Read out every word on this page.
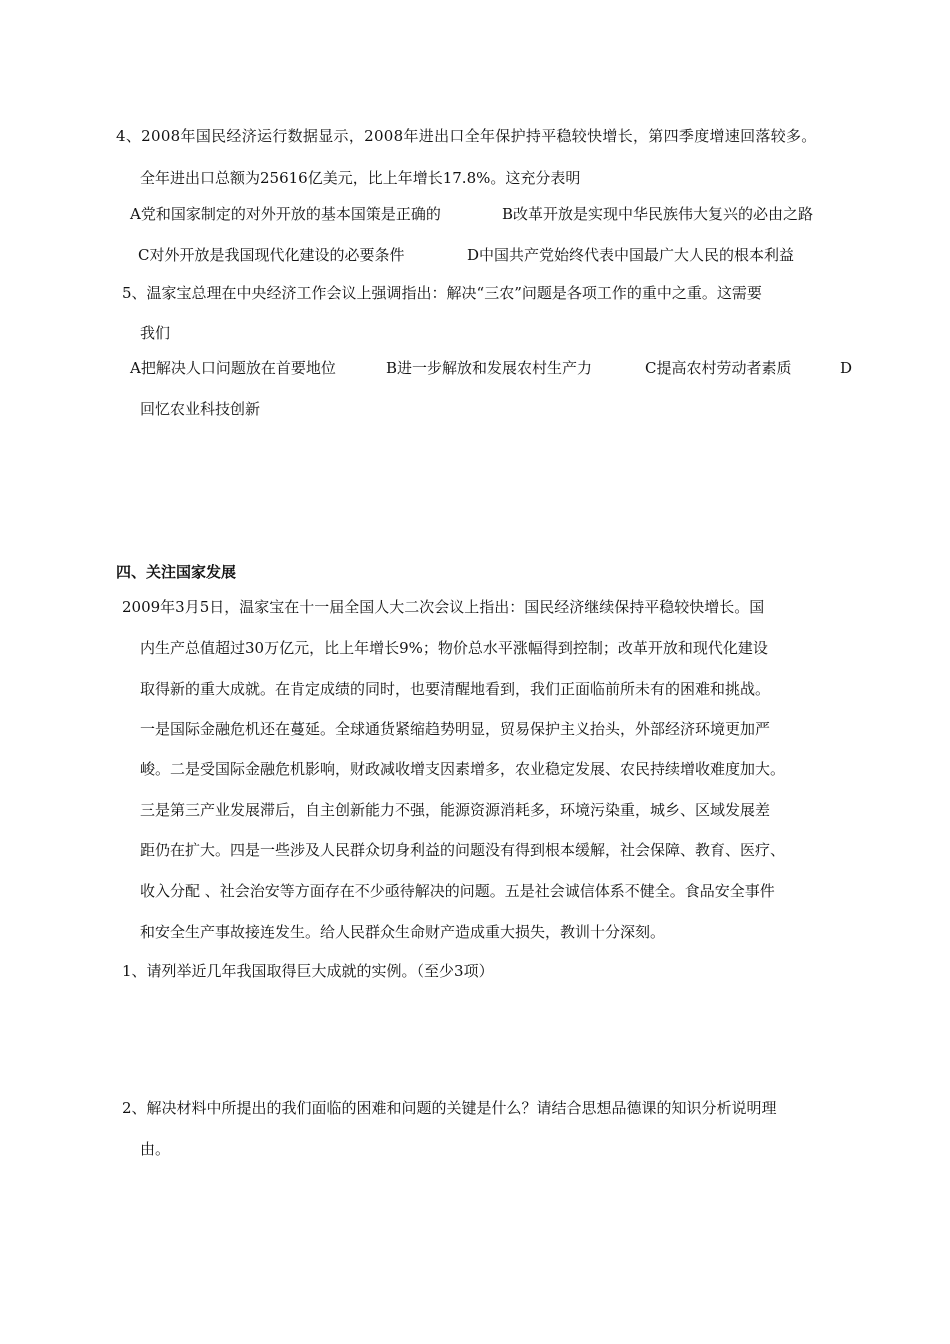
4、2008年国民经济运行数据显示，2008年进出口全年保护持平稳较快增长，第四季度增速回落较多。
全年进出口总额为25616亿美元，比上年增长17.8%。这充分表明
A党和国家制定的对外开放的基本国策是正确的	B改革开放是实现中华民族伟大复兴的必由之路
C对外开放是我国现代化建设的必要条件	D中国共产党始终代表中国最广大人民的根本利益
5、温家宝总理在中央经济工作会议上强调指出：解决“三农”问题是各项工作的重中之重。这需要
我们
A把解决人口问题放在首要地位	B进一步解放和发展农村生产力	C提高农村劳动者素质	D
回忆农业科技创新
四、关注国家发展
2009年3月5日，温家宝在十一届全国人大二次会议上指出：国民经济继续保持平稳较快增长。国
内生产总值超过30万亿元，比上年增长9%；物价总水平涨幅得到控制；改革开放和现代化建设
取得新的重大成就。在肯定成绩的同时，也要清醒地看到，我们正面临前所未有的困难和挑战。
一是国际金融危机还在蔓延。全球通货紧缩趋势明显，贸易保护主义抬头，外部经济环境更加严
峻。二是受国际金融危机影响，财政减收增支因素增多，农业稳定发展、农民持续增收难度加大。
三是第三产业发展滞后，自主创新能力不强，能源资源消耗多，环境污染重，城乡、区域发展差
距仍在扩大。四是一些涉及人民群众切身利益的问题没有得到根本缓解，社会保障、教育、医疗、
收入分配 、社会治安等方面存在不少亟待解决的问题。五是社会诚信体系不健全。食品安全事件
和安全生产事故接连发生。给人民群众生命财产造成重大损失，教训十分深刻。
1、请列举近几年我国取得巨大成就的实例。（至少3项）
2、解决材料中所提出的我们面临的困难和问题的关键是什么？请结合思想品德课的知识分析说明理
由。
